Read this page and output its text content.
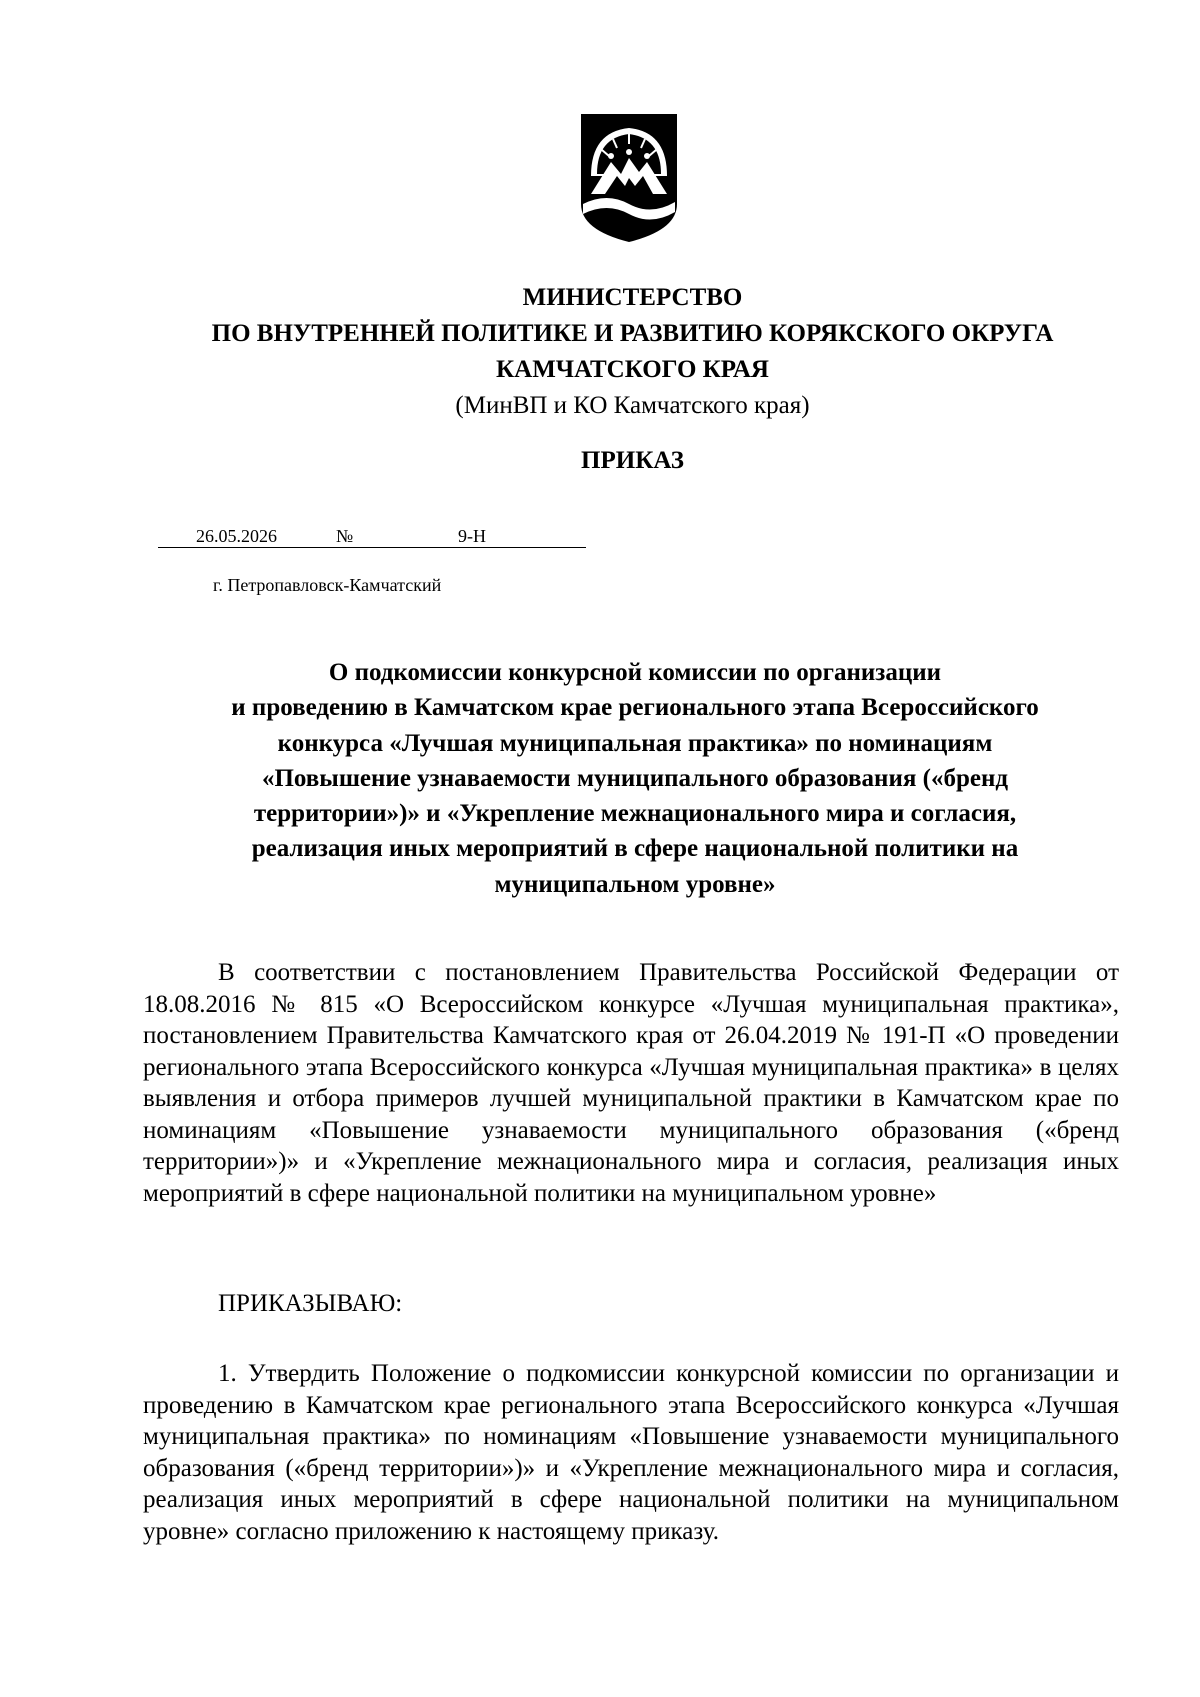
МИНИСТЕРСТВО
ПО ВНУТРЕННЕЙ ПОЛИТИКЕ И РАЗВИТИЮ КОРЯКСКОГО ОКРУГА
КАМЧАТСКОГО КРАЯ
(МинВП и КО Камчатского края)
ПРИКАЗ
26.05.2026	№	9-Н
г. Петропавловск-Камчатский
О подкомиссии конкурсной комиссии по организации
и проведению в Камчатском крае регионального этапа Всероссийского
конкурса «Лучшая муниципальная практика» по номинациям
«Повышение узнаваемости муниципального образования («бренд
территории»)» и «Укрепление межнационального мира и согласия,
реализация иных мероприятий в сфере национальной политики на
муниципальном уровне»
В соответствии с постановлением Правительства Российской Федерации от 18.08.2016 № 815 «О Всероссийском конкурсе «Лучшая муниципальная практика», постановлением Правительства Камчатского края от 26.04.2019 № 191-П «О проведении регионального этапа Всероссийского конкурса «Лучшая муниципальная практика» в целях выявления и отбора примеров лучшей муниципальной практики в Камчатском крае по номинациям «Повышение узнаваемости муниципального образования («бренд территории»)» и «Укрепление межнационального мира и согласия, реализация иных мероприятий в сфере национальной политики на муниципальном уровне»
ПРИКАЗЫВАЮ:
1. Утвердить Положение о подкомиссии конкурсной комиссии по организации и проведению в Камчатском крае регионального этапа Всероссийского конкурса «Лучшая муниципальная практика» по номинациям «Повышение узнаваемости муниципального образования («бренд территории»)» и «Укрепление межнационального мира и согласия, реализация иных мероприятий в сфере национальной политики на муниципальном уровне» согласно приложению к настоящему приказу.
